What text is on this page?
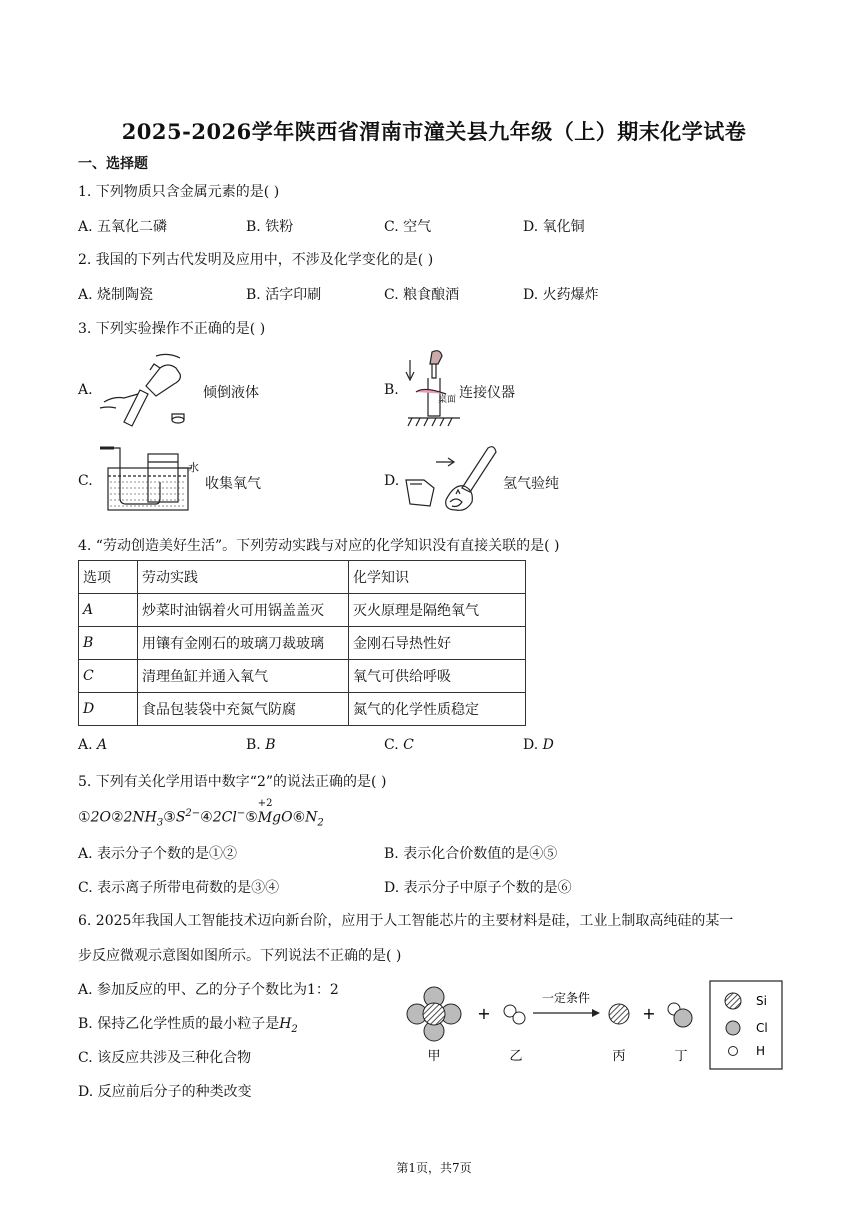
2025-2026学年陕西省渭南市潼关县九年级（上）期末化学试卷
一、选择题
1. 下列物质只含金属元素的是( )
A. 五氧化二磷	B. 铁粉	C. 空气	D. 氧化铜
2. 我国的下列古代发明及应用中，不涉及化学变化的是( )
A. 烧制陶瓷	B. 活字印刷	C. 粮食酿酒	D. 火药爆炸
3. 下列实验操作不正确的是( )
A.	倾倒液体	B.
桌面 连接仪器
C.
水
收集氧气	D.	氢气验纯
4. “劳动创造美好生活”。下列劳动实践与对应的化学知识没有直接关联的是( )
选项	劳动实践	化学知识
A	炒菜时油锅着火可用锅盖盖灭	灭火原理是隔绝氧气
B	用镶有金刚石的玻璃刀裁玻璃	金刚石导热性好
C	清理鱼缸并通入氧气	氧气可供给呼吸
D	食品包装袋中充氮气防腐	氮气的化学性质稳定
A. A	B. B	C. C	D. D
5. 下列有关化学用语中数字“2”的说法正确的是( )
$①2O②2NH_3③S^{2-}④2Cl^-⑤M$
+2
$gO⑥N_2$
A. 表示分子个数的是①②	B. 表示化合价数值的是④⑤
C. 表示离子所带电荷数的是③④	D. 表示分子中原子个数的是⑥
6. 2025年我国人工智能技术迈向新台阶，应用于人工智能芯片的主要材料是硅，工业上制取高纯硅的某一
步反应微观示意图如图所示。下列说法不正确的是( )
A. 参加反应的甲、乙的分子个数比为1：2
B. 保持乙化学性质的最小粒子是$H_2$
C. 该反应共涉及三种化合物
D. 反应前后分子的种类改变
+
一定条件
+
甲	乙	丙	丁
Si
Cl
H
第1页，共7页
